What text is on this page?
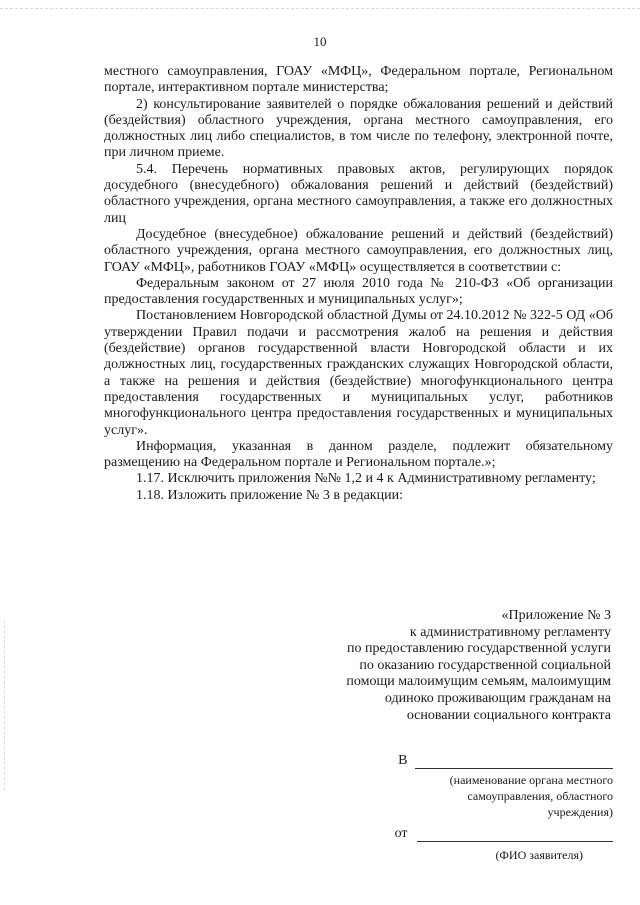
10

местного самоуправления, ГОАУ «МФЦ», Федеральном портале, Региональном портале, интерактивном портале министерства;

2) консультирование заявителей о порядке обжалования решений и действий (бездействия) областного учреждения, органа местного самоуправления, его должностных лиц либо специалистов, в том числе по телефону, электронной почте, при личном приеме.

5.4. Перечень нормативных правовых актов, регулирующих порядок досудебного (внесудебного) обжалования решений и действий (бездействий) областного учреждения, органа местного самоуправления, а также его должностных лиц

Досудебное (внесудебное) обжалование решений и действий (бездействий) областного учреждения, органа местного самоуправления, его должностных лиц, ГОАУ «МФЦ», работников ГОАУ «МФЦ» осуществляется в соответствии с:

Федеральным законом от 27 июля 2010 года № 210-ФЗ «Об организации предоставления государственных и муниципальных услуг»;

Постановлением Новгородской областной Думы от 24.10.2012 № 322-5 ОД «Об утверждении Правил подачи и рассмотрения жалоб на решения и действия (бездействие) органов государственной власти Новгородской области и их должностных лиц, государственных гражданских служащих Новгородской области, а также на решения и действия (бездействие) многофункционального центра предоставления государственных и муниципальных услуг, работников многофункционального центра предоставления государственных и муниципальных услуг».

Информация, указанная в данном разделе, подлежит обязательному размещению на Федеральном портале и Региональном портале.»;

1.17. Исключить приложения №№ 1,2 и 4 к Административному регламенту;

1.18. Изложить приложение № 3 в редакции:

«Приложение № 3

к административному регламенту

по предоставлению государственной услуги

по оказанию государственной социальной

помощи малоимущим семьям, малоимущим

одиноко проживающим гражданам на

основании социального контракта

В
(наименование органа местного
самоуправления, областного
учреждения)
от
(ФИО заявителя)
